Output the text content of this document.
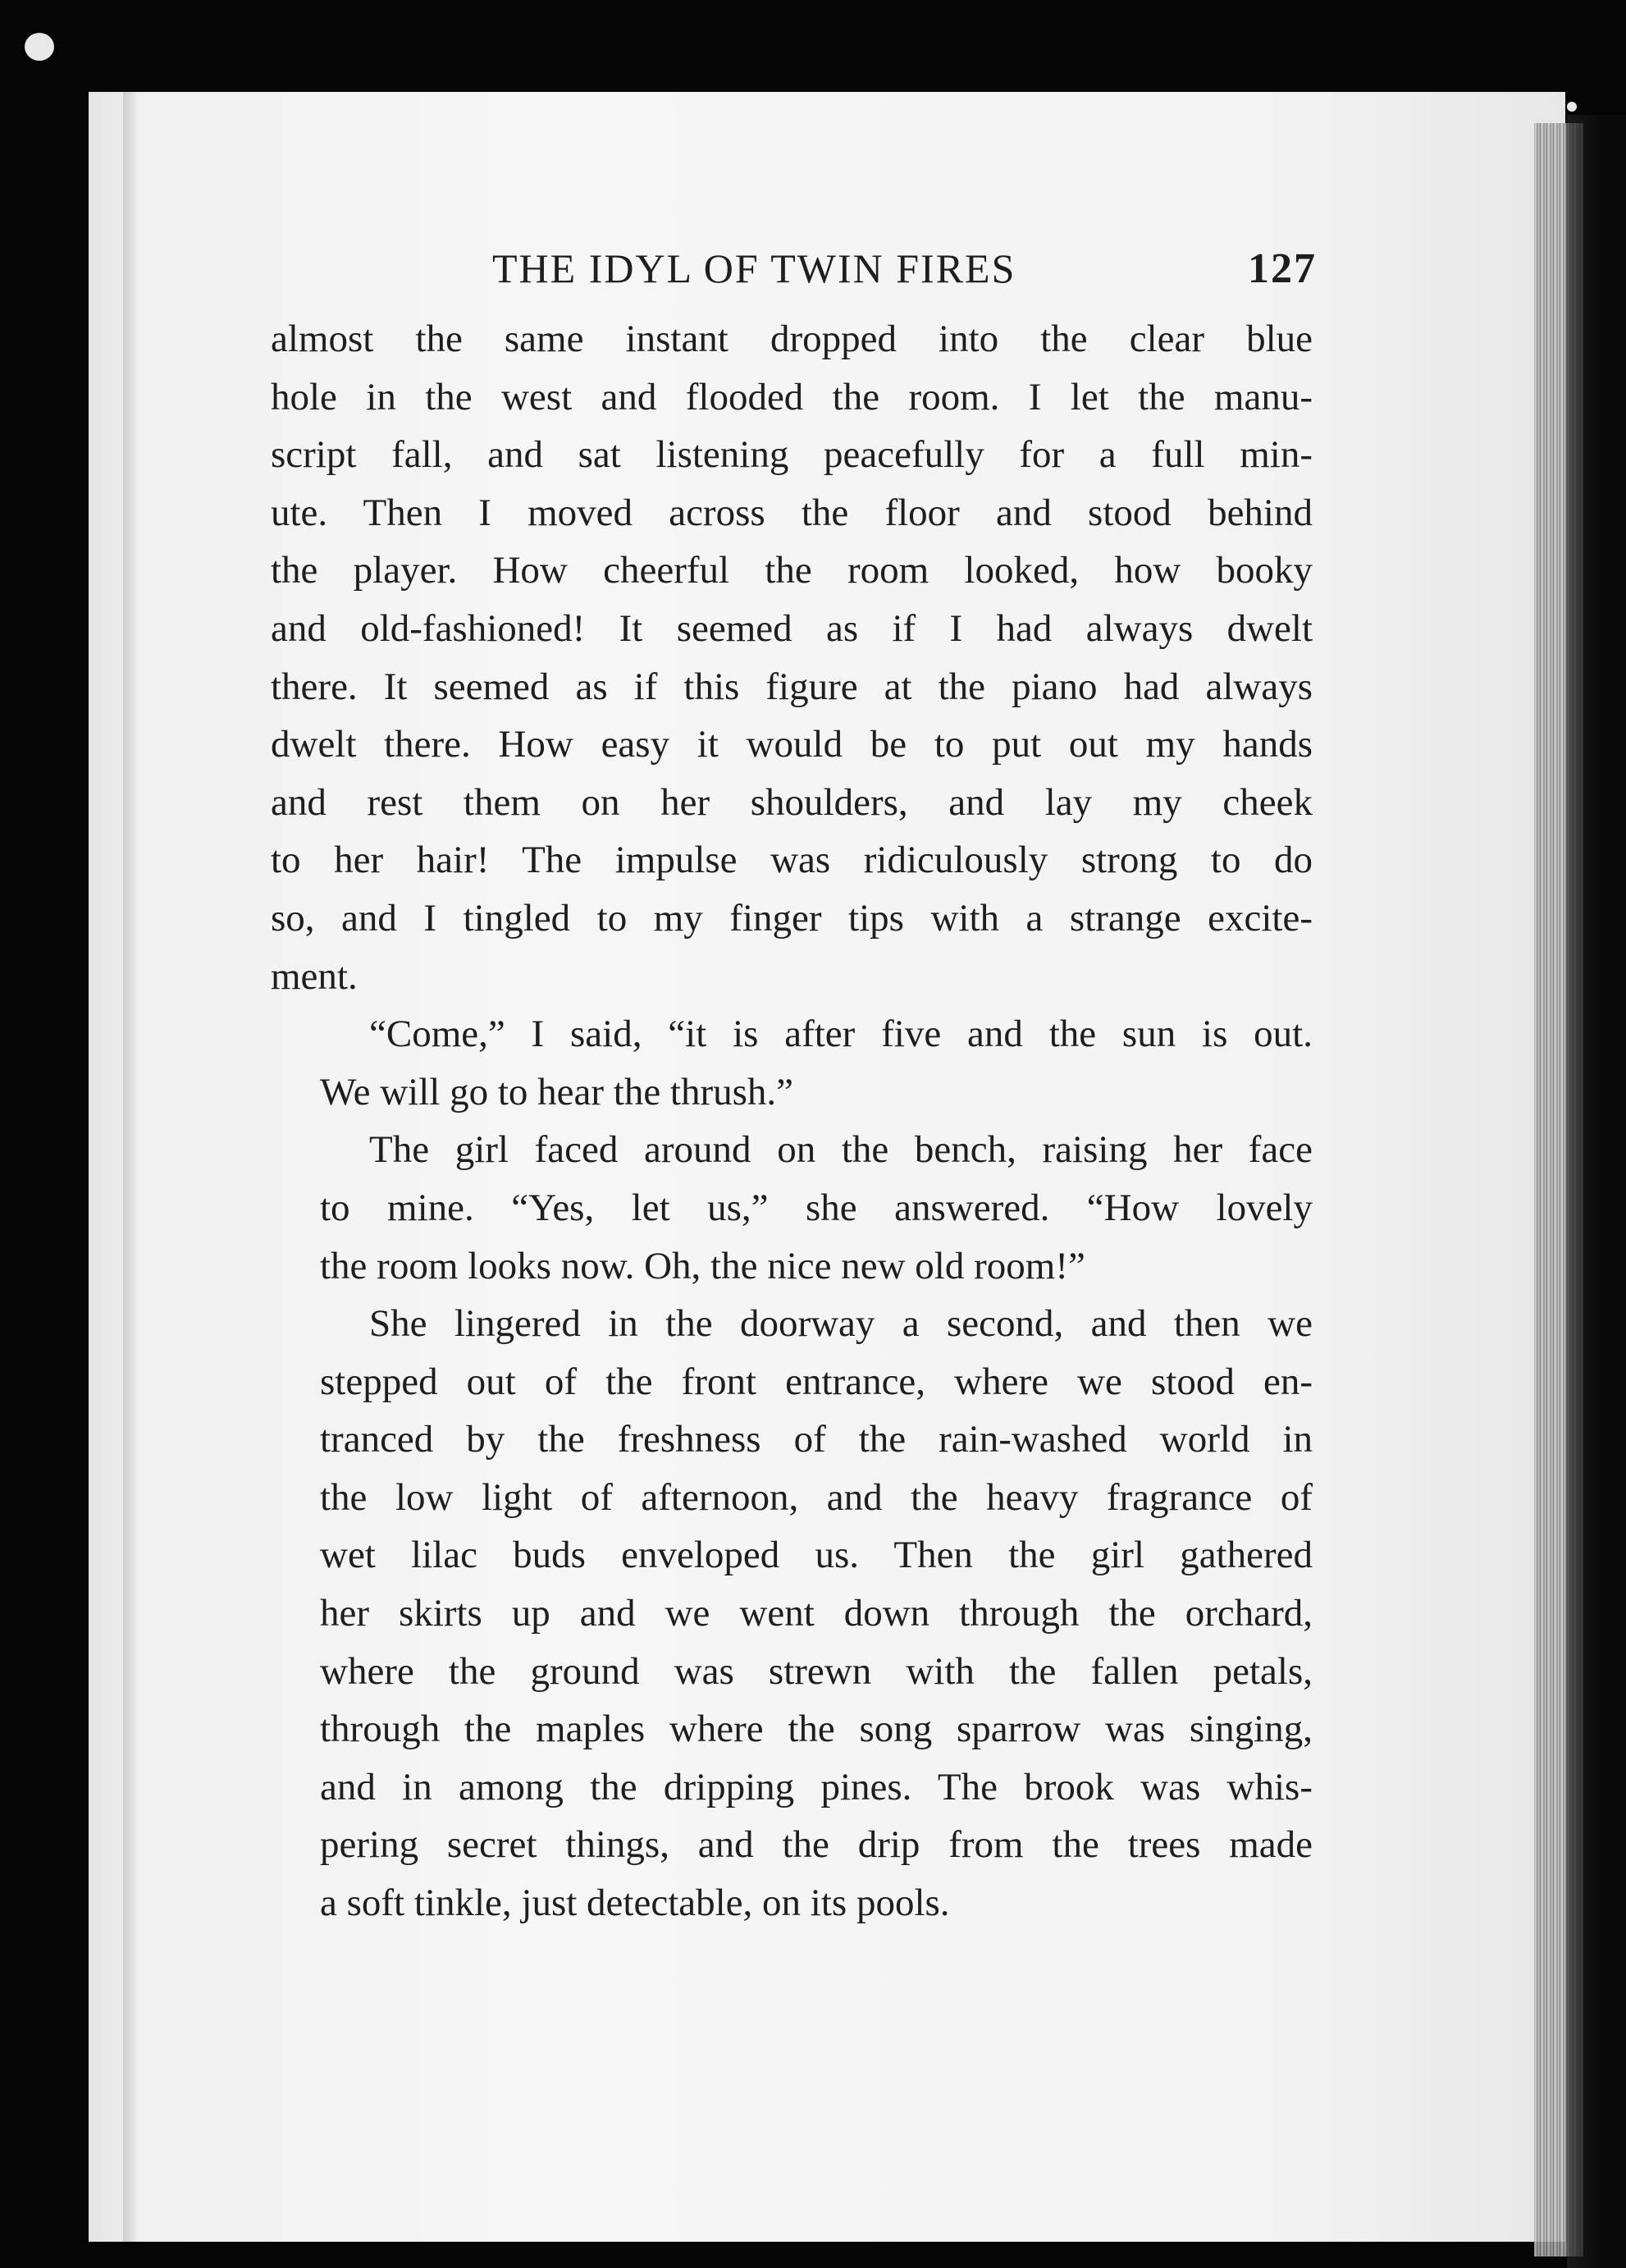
THE IDYL OF TWIN FIRES	127

almost the same instant dropped into the clear blue
hole in the west and flooded the room. I let the manu-
script fall, and sat listening peacefully for a full min-
ute. Then I moved across the floor and stood behind
the player. How cheerful the room looked, how booky
and old-fashioned! It seemed as if I had always dwelt
there. It seemed as if this figure at the piano had always
dwelt there. How easy it would be to put out my hands
and rest them on her shoulders, and lay my cheek
to her hair! The impulse was ridiculously strong to do
so, and I tingled to my finger tips with a strange excite-
ment.

“Come,” I said, “it is after five and the sun is out.
We will go to hear the thrush.”

The girl faced around on the bench, raising her face
to mine. “Yes, let us,” she answered. “How lovely
the room looks now. Oh, the nice new old room!”

She lingered in the doorway a second, and then we
stepped out of the front entrance, where we stood en-
tranced by the freshness of the rain-washed world in
the low light of afternoon, and the heavy fragrance of
wet lilac buds enveloped us. Then the girl gathered
her skirts up and we went down through the orchard,
where the ground was strewn with the fallen petals,
through the maples where the song sparrow was singing,
and in among the dripping pines. The brook was whis-
pering secret things, and the drip from the trees made
a soft tinkle, just detectable, on its pools.
